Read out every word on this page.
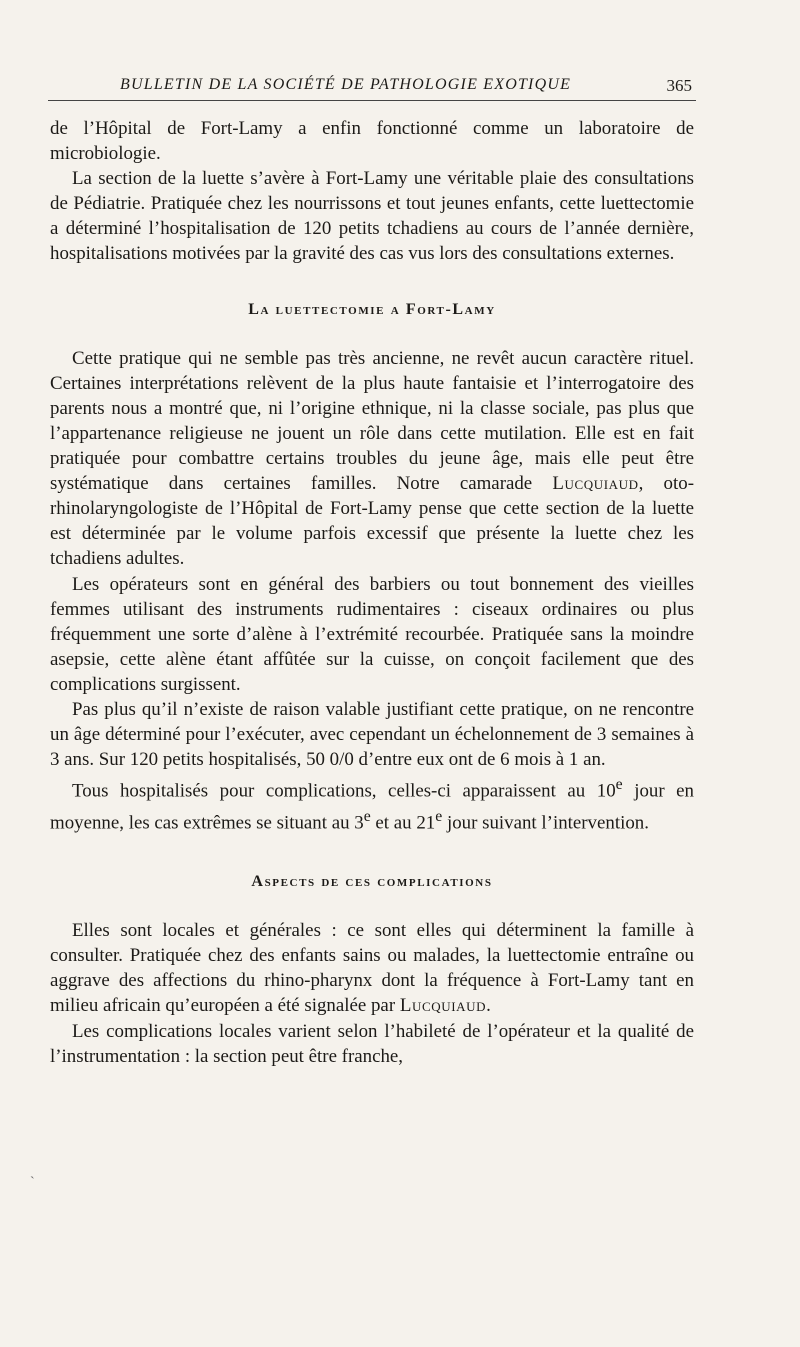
BULLETIN DE LA SOCIÉTÉ DE PATHOLOGIE EXOTIQUE	365

de l’Hôpital de Fort-Lamy a enfin fonctionné comme un laboratoire de microbiologie.

La section de la luette s’avère à Fort-Lamy une véritable plaie des consultations de Pédiatrie. Pratiquée chez les nourrissons et tout jeunes enfants, cette luettectomie a déterminé l’hospitalisation de 120 petits tchadiens au cours de l’année dernière, hospitalisations motivées par la gravité des cas vus lors des consultations externes.

La luettectomie a Fort-Lamy

Cette pratique qui ne semble pas très ancienne, ne revêt aucun caractère rituel. Certaines interprétations relèvent de la plus haute fantaisie et l’interrogatoire des parents nous a montré que, ni l’origine ethnique, ni la classe sociale, pas plus que l’appartenance religieuse ne jouent un rôle dans cette mutilation. Elle est en fait pratiquée pour combattre certains troubles du jeune âge, mais elle peut être systématique dans certaines familles. Notre camarade Lucquiaud, oto-rhinolaryngologiste de l’Hôpital de Fort-Lamy pense que cette section de la luette est déterminée par le volume parfois excessif que présente la luette chez les tchadiens adultes.

Les opérateurs sont en général des barbiers ou tout bonnement des vieilles femmes utilisant des instruments rudimentaires : ciseaux ordinaires ou plus fréquemment une sorte d’alène à l’extrémité recourbée. Pratiquée sans la moindre asepsie, cette alène étant affûtée sur la cuisse, on conçoit facilement que des complications surgissent.

Pas plus qu’il n’existe de raison valable justifiant cette pratique, on ne rencontre un âge déterminé pour l’exécuter, avec cependant un échelonnement de 3 semaines à 3 ans. Sur 120 petits hospitalisés, 50 0/0 d’entre eux ont de 6 mois à 1 an.

Tous hospitalisés pour complications, celles-ci apparaissent au 10e jour en moyenne, les cas extrêmes se situant au 3e et au 21e jour suivant l’intervention.

Aspects de ces complications

Elles sont locales et générales : ce sont elles qui déterminent la famille à consulter. Pratiquée chez des enfants sains ou malades, la luettectomie entraîne ou aggrave des affections du rhino-pharynx dont la fréquence à Fort-Lamy tant en milieu africain qu’européen a été signalée par Lucquiaud.

Les complications locales varient selon l’habileté de l’opérateur et la qualité de l’instrumentation : la section peut être franche,

ˋ
